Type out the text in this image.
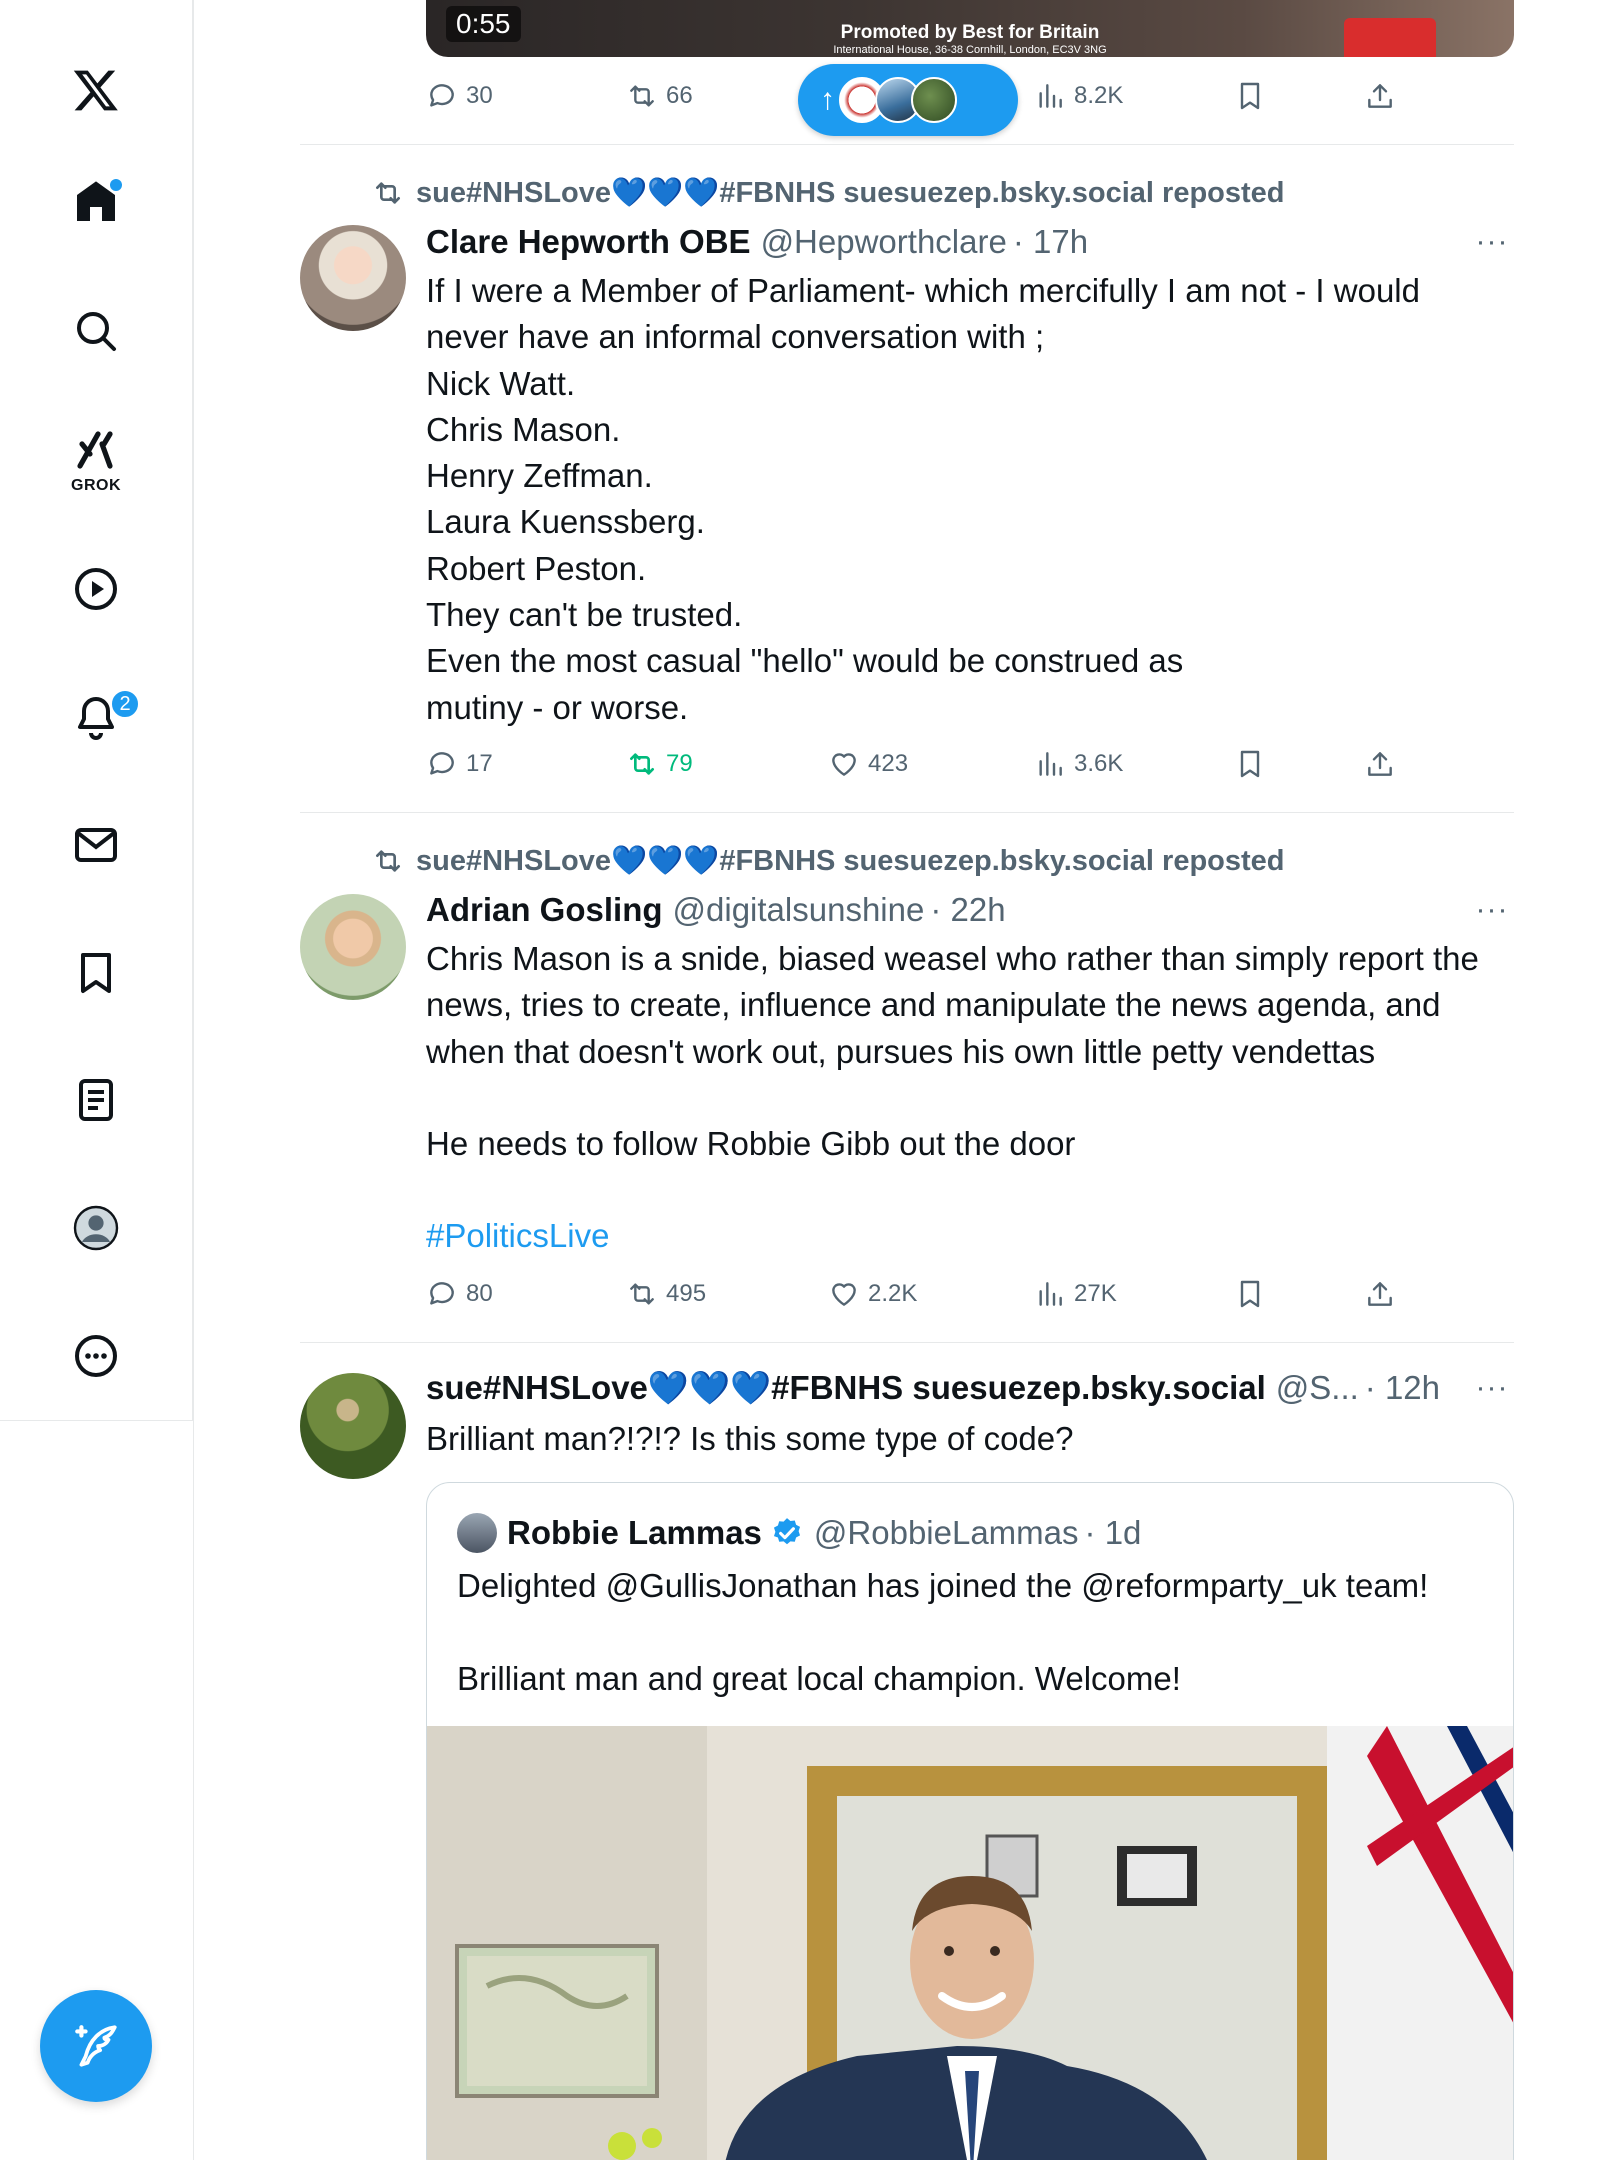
GROK
2
0:55	Promoted by Best for Britain
International House, 36-38 Cornhill, London, EC3V 3NG
30	66	8.2K
↑
sue#NHSLove💙💙💙#FBNHS suesuezep.bsky.social reposted
Clare Hepworth OBE @Hepworthclare · 17h	···
If I were a Member of Parliament- which mercifully I am not - I would
never have an informal conversation with ;
Nick Watt.
Chris Mason.
Henry Zeffman.
Laura Kuenssberg.
Robert Peston.
They can't be trusted.
Even the most casual "hello" would be construed as
mutiny - or worse.
17	79	423	3.6K
sue#NHSLove💙💙💙#FBNHS suesuezep.bsky.social reposted
Adrian Gosling @digitalsunshine · 22h	···
Chris Mason is a snide, biased weasel who rather than simply report the
news, tries to create, influence and manipulate the news agenda, and
when that doesn't work out, pursues his own little petty vendettas
He needs to follow Robbie Gibb out the door
#PoliticsLive
80	495	2.2K	27K
sue#NHSLove💙💙💙#FBNHS suesuezep.bsky.social @S... · 12h ···
Brilliant man?!?!? Is this some type of code?
Robbie Lammas @RobbieLammas · 1d
Delighted @GullisJonathan has joined the @reformparty_uk team!
Brilliant man and great local champion. Welcome!
